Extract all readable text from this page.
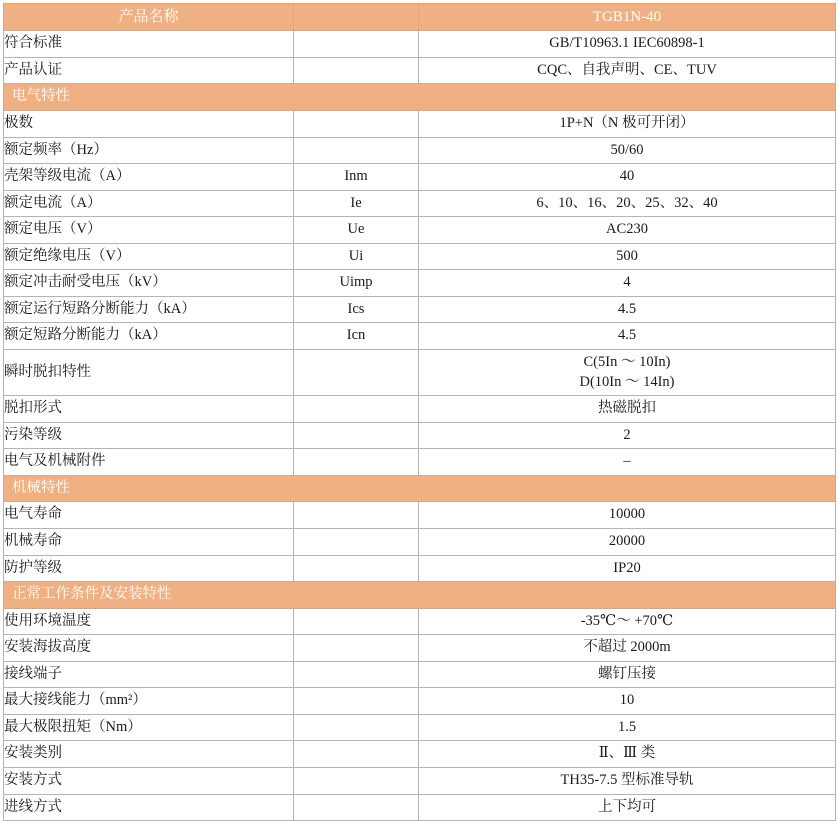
产品名称		TGB1N-40
符合标准		GB/T10963.1 IEC60898-1
产品认证		CQC、自我声明、CE、TUV
电气特性		
极数		1P+N（N 极可开闭）
额定频率（Hz）		50/60
壳架等级电流（A）	Inm	40
额定电流（A）	Ie	6、10、16、20、25、32、40
额定电压（V）	Ue	AC230
额定绝缘电压（V）	Ui	500
额定冲击耐受电压（kV）	Uimp	4
额定运行短路分断能力（kA）	Ics	4.5
额定短路分断能力（kA）	Icn	4.5
瞬时脱扣特性		C(5In ～ 10In)
D(10In ～ 14In)
脱扣形式		热磁脱扣
污染等级		2
电气及机械附件		–
机械特性		
电气寿命		10000
机械寿命		20000
防护等级		IP20
正常工作条件及安装特性		
使用环境温度		-35℃～ +70℃
安装海拔高度		不超过 2000m
接线端子		螺钉压接
最大接线能力（mm²）		10
最大极限扭矩（Nm）		1.5
安装类别		Ⅱ、Ⅲ 类
安装方式		TH35-7.5 型标准导轨
进线方式		上下均可
